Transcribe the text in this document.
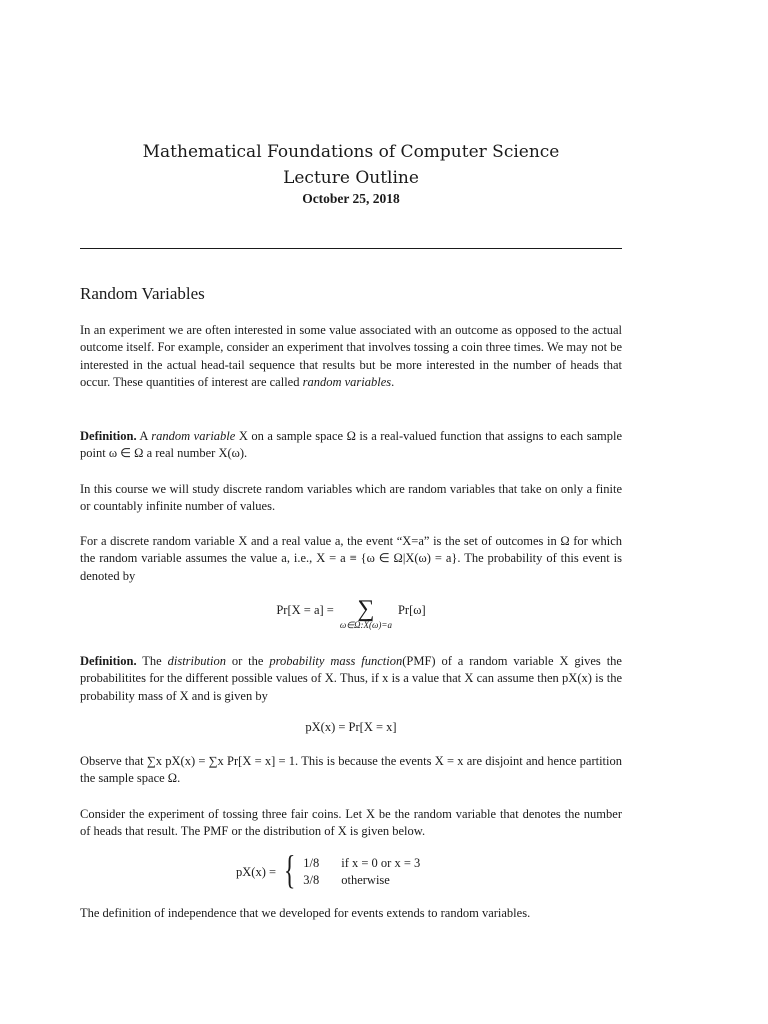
Mathematical Foundations of Computer Science
Lecture Outline
October 25, 2018
Random Variables

In an experiment we are often interested in some value associated with an outcome as opposed to the actual outcome itself. For example, consider an experiment that involves tossing a coin three times. We may not be interested in the actual head-tail sequence that results but be more interested in the number of heads that occur. These quantities of interest are called random variables.

Definition. A random variable X on a sample space Ω is a real-valued function that assigns to each sample point ω ∈ Ω a real number X(ω).

In this course we will study discrete random variables which are random variables that take on only a finite or countably infinite number of values.

For a discrete random variable X and a real value a, the event “X=a” is the set of outcomes in Ω for which the random variable assumes the value a, i.e., X = a ≡ {ω ∈ Ω|X(ω) = a}. The probability of this event is denoted by

Pr[X = a] = ∑
ω∈Ω:X(ω)=a
Pr[ω]

Definition. The distribution or the probability mass function(PMF) of a random variable X gives the probabilitites for the different possible values of X. Thus, if x is a value that X can assume then pX(x) is the probability mass of X and is given by

pX(x) = Pr[X = x]

Observe that ∑x pX(x) = ∑x Pr[X = x] = 1. This is because the events X = x are disjoint and hence partition the sample space Ω.

Consider the experiment of tossing three fair coins. Let X be the random variable that denotes the number of heads that result. The PMF or the distribution of X is given below.

pX(x) = { 1/8	if x = 0 or x = 3
3/8	otherwise

The definition of independence that we developed for events extends to random variables.
